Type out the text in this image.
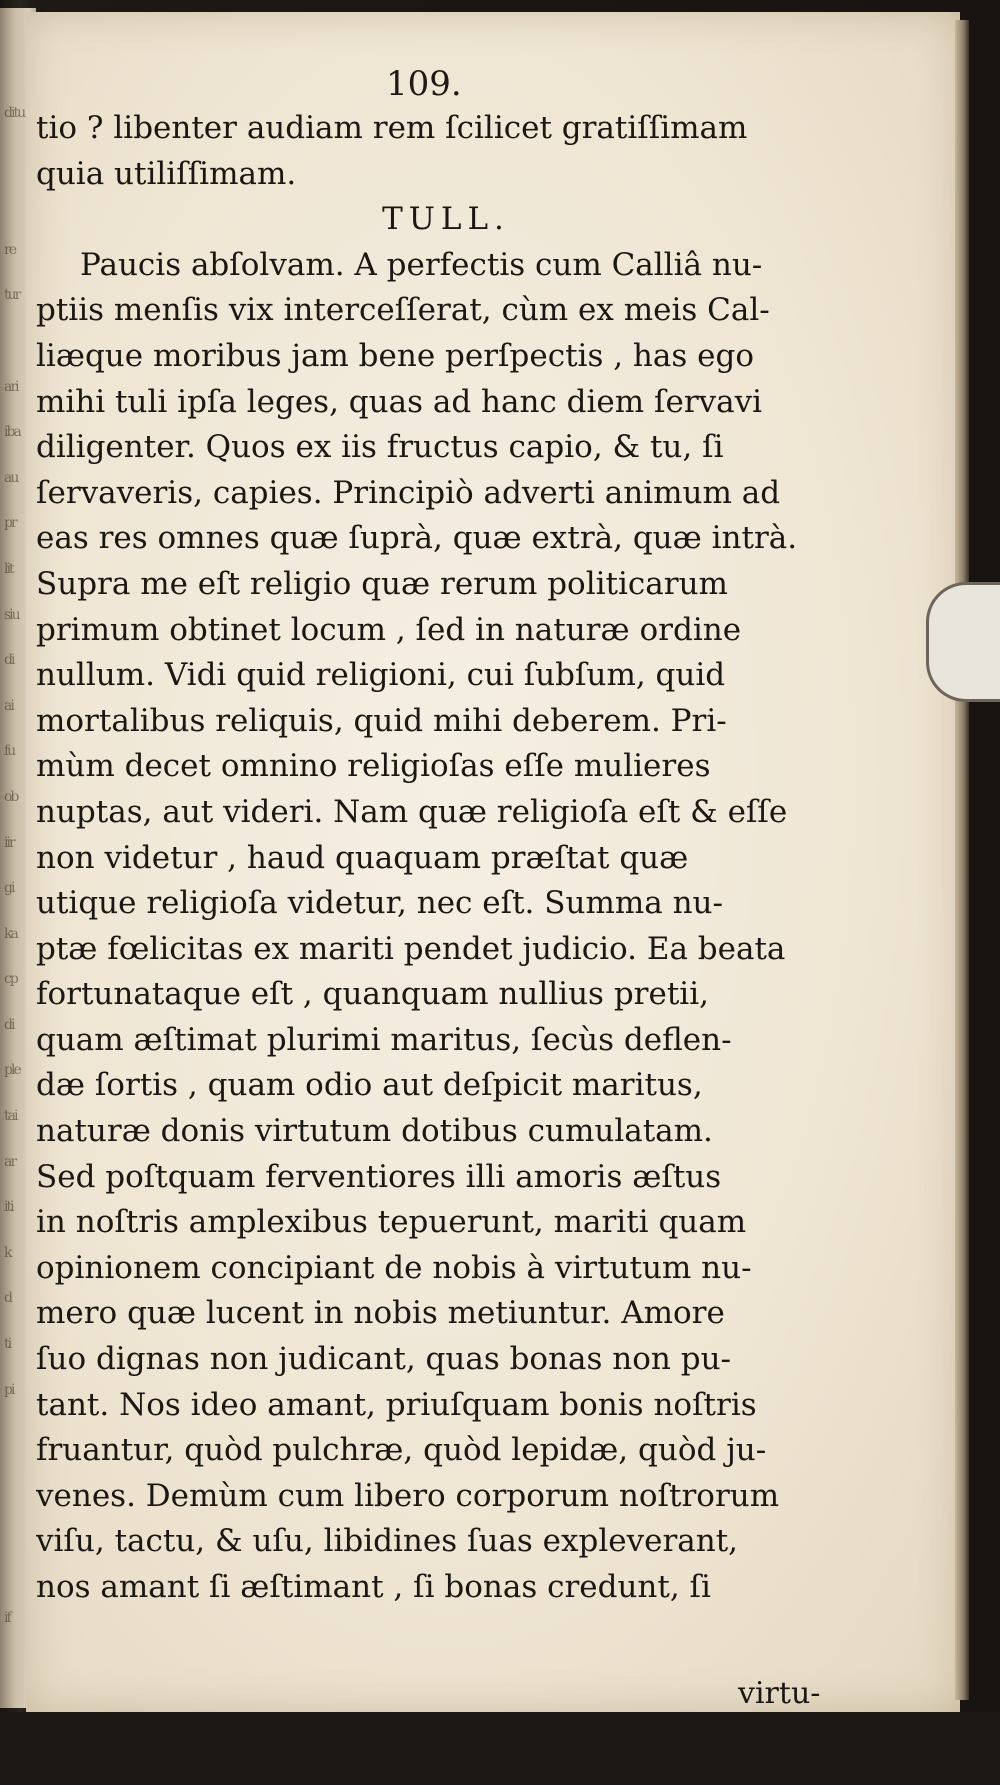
ditu
re
tur
ari
iba
au
pr
lit
siu
di
ai
fu
ob
iir
gi
ka
cp
di
ple
tai
ar
iti
k
d
ti
pi
if
109.
tio ? libenter audiam rem ſcilicet gratiſſimam
quia utiliſſimam.
TULL.
Paucis abſolvam. A perfectis cum Calliâ nu-
ptiis menſis vix interceſſerat, cùm ex meis Cal-
liæque moribus jam bene perſpectis , has ego
mihi tuli ipſa leges, quas ad hanc diem ſervavi
diligenter. Quos ex iis fructus capio, & tu, ſi
ſervaveris, capies. Principiò adverti animum ad
eas res omnes quæ ſuprà, quæ extrà, quæ intrà.
Supra me eſt religio quæ rerum politicarum
primum obtinet locum , ſed in naturæ ordine
nullum. Vidi quid religioni, cui ſubſum, quid
mortalibus reliquis, quid mihi deberem. Pri-
mùm decet omnino religioſas eſſe mulieres
nuptas, aut videri. Nam quæ religioſa eſt & eſſe
non videtur , haud quaquam præſtat quæ
utique religioſa videtur, nec eſt. Summa nu-
ptæ fœlicitas ex mariti pendet judicio. Ea beata
fortunataque eſt , quanquam nullius pretii,
quam æſtimat plurimi maritus, ſecùs deflen-
dæ ſortis , quam odio aut deſpicit maritus,
naturæ donis virtutum dotibus cumulatam.
Sed poſtquam ferventiores illi amoris æſtus
in noſtris amplexibus tepuerunt, mariti quam
opinionem concipiant de nobis à virtutum nu-
mero quæ lucent in nobis metiuntur. Amore
ſuo dignas non judicant, quas bonas non pu-
tant. Nos ideo amant, priuſquam bonis noſtris
fruantur, quòd pulchræ, quòd lepidæ, quòd ju-
venes. Demùm cum libero corporum noſtrorum
viſu, tactu, & uſu, libidines ſuas expleverant,
nos amant ſi æſtimant , ſi bonas credunt, ſi
virtu-
